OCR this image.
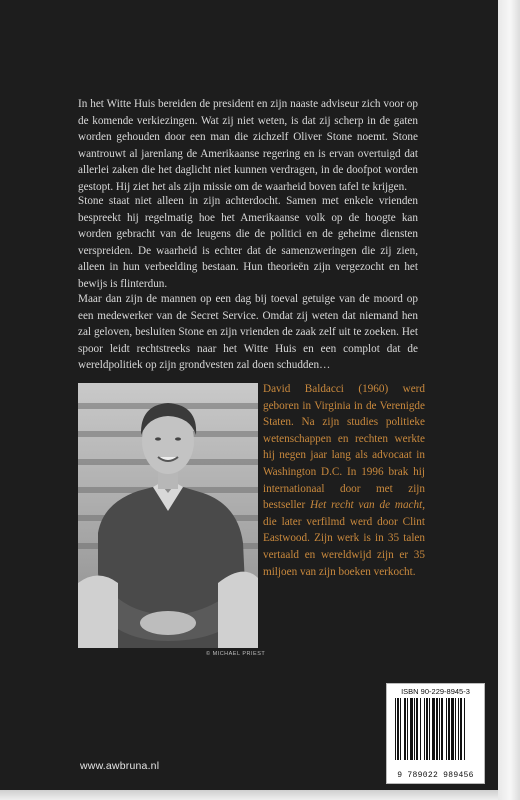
In het Witte Huis bereiden de president en zijn naaste adviseur zich voor op de komende verkiezingen. Wat zij niet weten, is dat zij scherp in de gaten worden gehouden door een man die zichzelf Oliver Stone noemt. Stone wantrouwt al jarenlang de Amerikaanse regering en is ervan overtuigd dat allerlei zaken die het daglicht niet kunnen verdragen, in de doofpot worden gestopt. Hij ziet het als zijn missie om de waarheid boven tafel te krijgen.

Stone staat niet alleen in zijn achterdocht. Samen met enkele vrienden bespreekt hij regelmatig hoe het Amerikaanse volk op de hoogte kan worden gebracht van de leugens die de politici en de geheime diensten verspreiden. De waarheid is echter dat de samenzweringen die zij zien, alleen in hun verbeelding bestaan. Hun theorieën zijn vergezocht en het bewijs is flinterdun.

Maar dan zijn de mannen op een dag bij toeval getuige van de moord op een medewerker van de Secret Service. Omdat zij weten dat niemand hen zal geloven, besluiten Stone en zijn vrienden de zaak zelf uit te zoeken. Het spoor leidt rechtstreeks naar het Witte Huis en een complot dat de wereldpolitiek op zijn grondvesten zal doen schudden…

© MICHAEL PRIEST

David Baldacci (1960) werd geboren in Virginia in de Verenigde Staten. Na zijn studies politieke wetenschappen en rechten werkte hij negen jaar lang als advocaat in Washington D.C. In 1996 brak hij internationaal door met zijn bestseller Het recht van de macht, die later verfilmd werd door Clint Eastwood. Zijn werk is in 35 talen vertaald en wereldwijd zijn er 35 miljoen van zijn boeken verkocht.

ISBN 90-229-8945-3
9 789022 989456
www.awbruna.nl
